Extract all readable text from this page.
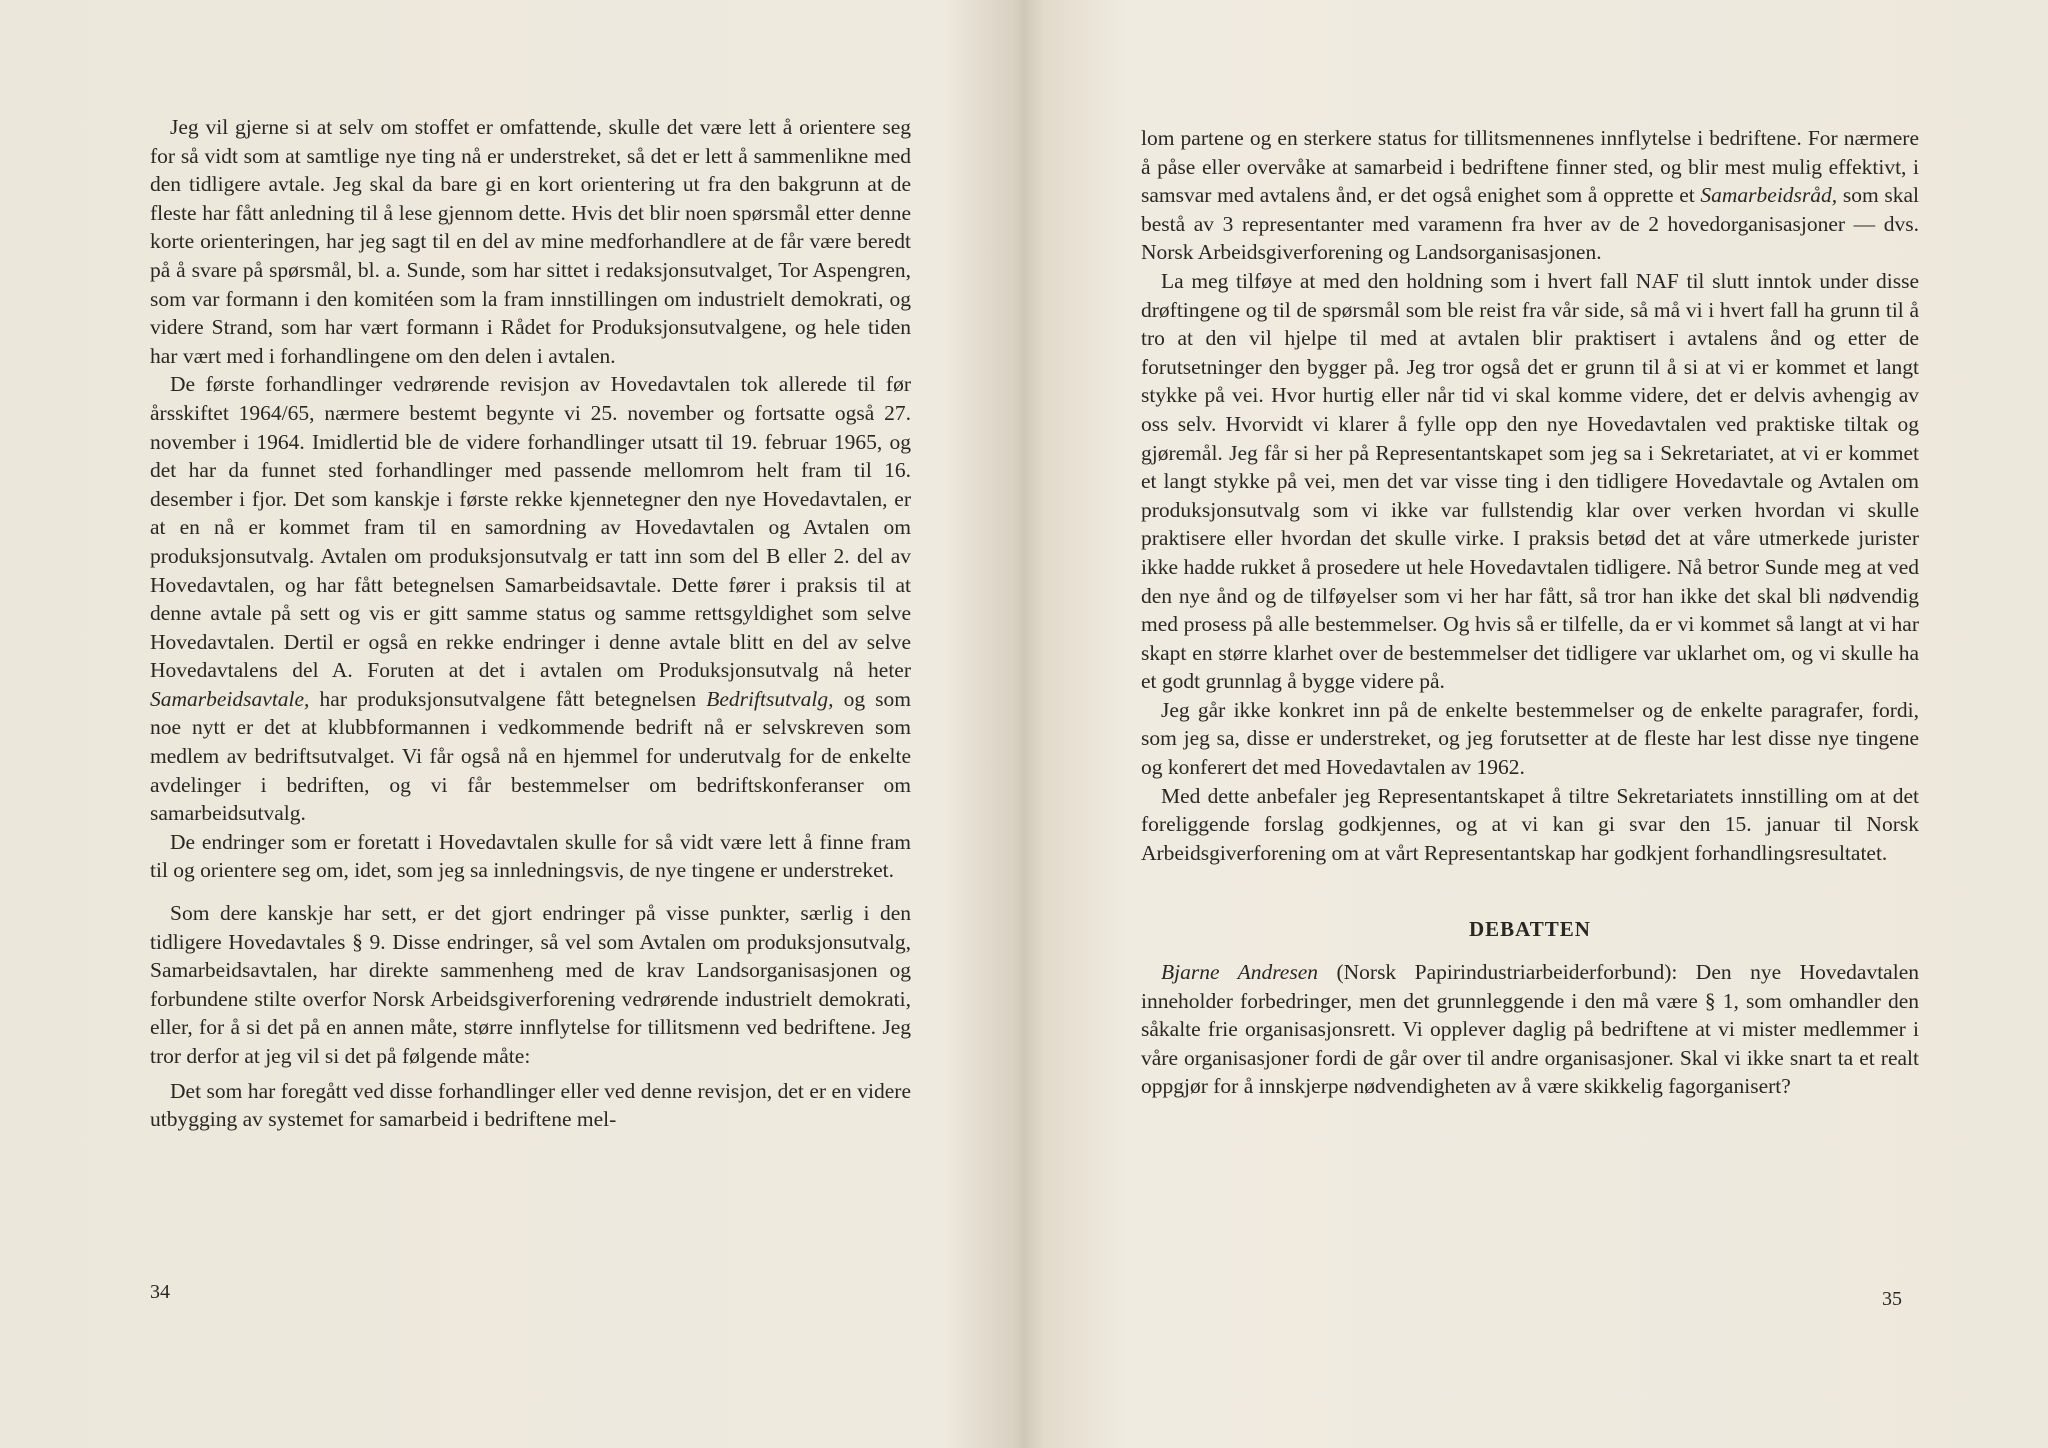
Jeg vil gjerne si at selv om stoffet er omfattende, skulle det være lett å orientere seg for så vidt som at samtlige nye ting nå er understreket, så det er lett å sammenlikne med den tidligere avtale. Jeg skal da bare gi en kort orientering ut fra den bakgrunn at de fleste har fått anledning til å lese gjennom dette. Hvis det blir noen spørsmål etter denne korte orienteringen, har jeg sagt til en del av mine medforhandlere at de får være beredt på å svare på spørsmål, bl. a. Sunde, som har sittet i redaksjonsutvalget, Tor Aspengren, som var formann i den komitéen som la fram innstillingen om industrielt demokrati, og videre Strand, som har vært formann i Rådet for Produksjonsutvalgene, og hele tiden har vært med i forhandlingene om den delen i avtalen.

De første forhandlinger vedrørende revisjon av Hovedavtalen tok allerede til før årsskiftet 1964/65, nærmere bestemt begynte vi 25. november og fortsatte også 27. november i 1964. Imidlertid ble de videre forhandlinger utsatt til 19. februar 1965, og det har da funnet sted forhandlinger med passende mellomrom helt fram til 16. desember i fjor. Det som kanskje i første rekke kjennetegner den nye Hovedavtalen, er at en nå er kommet fram til en samordning av Hovedavtalen og Avtalen om produksjonsutvalg. Avtalen om produksjonsutvalg er tatt inn som del B eller 2. del av Hovedavtalen, og har fått betegnelsen Samarbeidsavtale. Dette fører i praksis til at denne avtale på sett og vis er gitt samme status og samme rettsgyldighet som selve Hovedavtalen. Dertil er også en rekke endringer i denne avtale blitt en del av selve Hovedavtalens del A. Foruten at det i avtalen om Produksjonsutvalg nå heter Samarbeidsavtale, har produksjonsutvalgene fått betegnelsen Bedriftsutvalg, og som noe nytt er det at klubbformannen i vedkommende bedrift nå er selvskreven som medlem av bedriftsutvalget. Vi får også nå en hjemmel for underutvalg for de enkelte avdelinger i bedriften, og vi får bestemmelser om bedriftskonferanser om samarbeidsutvalg.

De endringer som er foretatt i Hovedavtalen skulle for så vidt være lett å finne fram til og orientere seg om, idet, som jeg sa innledningsvis, de nye tingene er understreket.

Som dere kanskje har sett, er det gjort endringer på visse punkter, særlig i den tidligere Hovedavtales § 9. Disse endringer, så vel som Avtalen om produksjonsutvalg, Samarbeidsavtalen, har direkte sammenheng med de krav Landsorganisasjonen og forbundene stilte overfor Norsk Arbeidsgiverforening vedrørende industrielt demokrati, eller, for å si det på en annen måte, større innflytelse for tillitsmenn ved bedriftene. Jeg tror derfor at jeg vil si det på følgende måte:

Det som har foregått ved disse forhandlinger eller ved denne revisjon, det er en videre utbygging av systemet for samarbeid i bedriftene mel-

34

lom partene og en sterkere status for tillitsmennenes innflytelse i bedriftene. For nærmere å påse eller overvåke at samarbeid i bedriftene finner sted, og blir mest mulig effektivt, i samsvar med avtalens ånd, er det også enighet som å opprette et Samarbeidsråd, som skal bestå av 3 representanter med varamenn fra hver av de 2 hovedorganisasjoner — dvs. Norsk Arbeidsgiverforening og Landsorganisasjonen.

La meg tilføye at med den holdning som i hvert fall NAF til slutt inntok under disse drøftingene og til de spørsmål som ble reist fra vår side, så må vi i hvert fall ha grunn til å tro at den vil hjelpe til med at avtalen blir praktisert i avtalens ånd og etter de forutsetninger den bygger på. Jeg tror også det er grunn til å si at vi er kommet et langt stykke på vei. Hvor hurtig eller når tid vi skal komme videre, det er delvis avhengig av oss selv. Hvorvidt vi klarer å fylle opp den nye Hovedavtalen ved praktiske tiltak og gjøremål. Jeg får si her på Representantskapet som jeg sa i Sekretariatet, at vi er kommet et langt stykke på vei, men det var visse ting i den tidligere Hovedavtale og Avtalen om produksjonsutvalg som vi ikke var fullstendig klar over verken hvordan vi skulle praktisere eller hvordan det skulle virke. I praksis betød det at våre utmerkede jurister ikke hadde rukket å prosedere ut hele Hovedavtalen tidligere. Nå betror Sunde meg at ved den nye ånd og de tilføyelser som vi her har fått, så tror han ikke det skal bli nødvendig med prosess på alle bestemmelser. Og hvis så er tilfelle, da er vi kommet så langt at vi har skapt en større klarhet over de bestemmelser det tidligere var uklarhet om, og vi skulle ha et godt grunnlag å bygge videre på.

Jeg går ikke konkret inn på de enkelte bestemmelser og de enkelte paragrafer, fordi, som jeg sa, disse er understreket, og jeg forutsetter at de fleste har lest disse nye tingene og konferert det med Hovedavtalen av 1962.

Med dette anbefaler jeg Representantskapet å tiltre Sekretariatets innstilling om at det foreliggende forslag godkjennes, og at vi kan gi svar den 15. januar til Norsk Arbeidsgiverforening om at vårt Representantskap har godkjent forhandlingsresultatet.

DEBATTEN

Bjarne Andresen (Norsk Papirindustriarbeiderforbund): Den nye Hovedavtalen inneholder forbedringer, men det grunnleggende i den må være § 1, som omhandler den såkalte frie organisasjonsrett. Vi opplever daglig på bedriftene at vi mister medlemmer i våre organisasjoner fordi de går over til andre organisasjoner. Skal vi ikke snart ta et realt oppgjør for å innskjerpe nødvendigheten av å være skikkelig fagorganisert?

35
